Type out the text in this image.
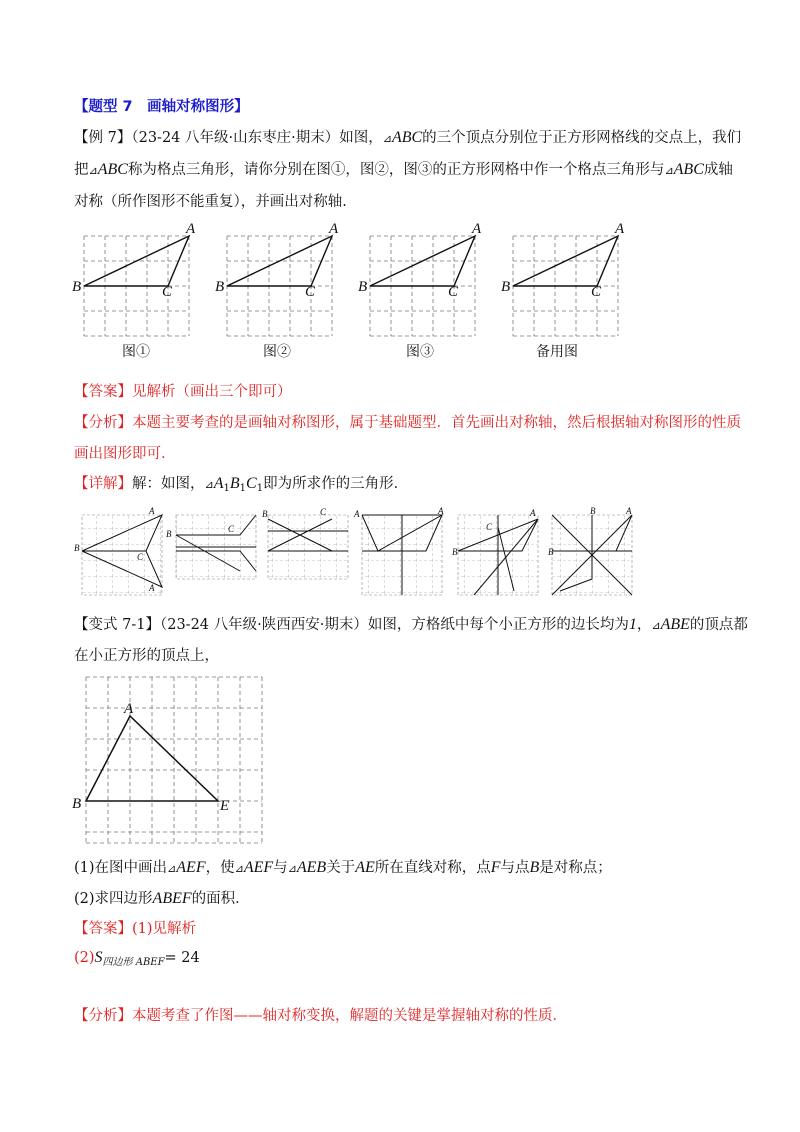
【题型 7　画轴对称图形】
【例 7】（23-24 八年级·山东枣庄·期末）如图，⊿ABC的三个顶点分别位于正方形网格线的交点上，我们
把⊿ABC称为格点三角形，请你分别在图①，图②，图③的正方形网格中作一个格点三角形与⊿ABC成轴
对称（所作图形不能重复），并画出对称轴.
A
B	C
A
B	C
A
B	C
A
B	C
图①	图②	图③	备用图
【答案】见解析（画出三个即可）
【分析】本题主要考查的是画轴对称图形，属于基础题型．首先画出对称轴，然后根据轴对称图形的性质
画出图形即可．
【详解】解：如图，$⊿A_1B_1C_1$即为所求作的三角形．
A
B
C
A
B	C
B	C	A	A
B
C
A
B
B	A
【变式 7-1】（23-24 八年级·陕西西安·期末）如图，方格纸中每个小正方形的边长均为1，⊿ABE的顶点都
在小正方形的顶点上，
A
B	E
(1)在图中画出⊿AEF，使⊿AEF与⊿AEB关于AE所在直线对称，点F与点B是对称点；
(2)求四边形ABEF的面积．
【答案】(1)见解析
$(2)S_{四边形 ABEF}= 24$
【分析】本题考查了作图——轴对称变换，解题的关键是掌握轴对称的性质．
